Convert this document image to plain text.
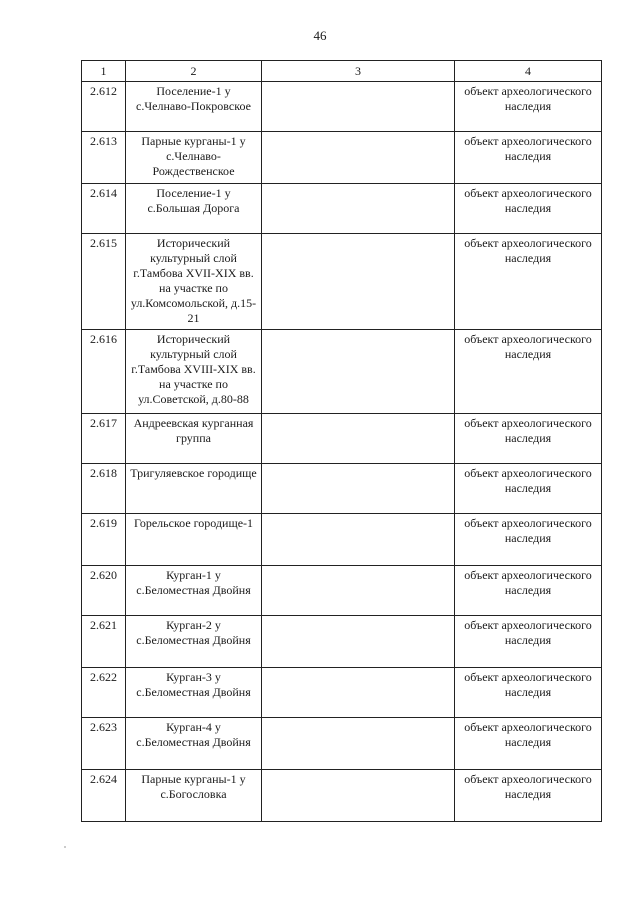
46
1	2	3	4
2.612	Поселение-1 у с.Челнаво-Покровское		объект археологического наследия
2.613	Парные курганы-1 у с.Челнаво-Рождественское		объект археологического наследия
2.614	Поселение-1 у с.Большая Дорога		объект археологического наследия
2.615	Исторический культурный слой г.Тамбова XVII-XIX вв. на участке по ул.Комсомольской, д.15-21		объект археологического наследия
2.616	Исторический культурный слой г.Тамбова XVIII-XIX вв. на участке по ул.Советской, д.80-88		объект археологического наследия
2.617	Андреевская курганная группа		объект археологического наследия
2.618	Тригуляевское городище		объект археологического наследия
2.619	Горельское городище-1		объект археологического наследия
2.620	Курган-1 у с.Беломестная Двойня		объект археологического наследия
2.621	Курган-2 у с.Беломестная Двойня		объект археологического наследия
2.622	Курган-3 у с.Беломестная Двойня		объект археологического наследия
2.623	Курган-4 у с.Беломестная Двойня		объект археологического наследия
2.624	Парные курганы-1 у с.Богословка		объект археологического наследия
